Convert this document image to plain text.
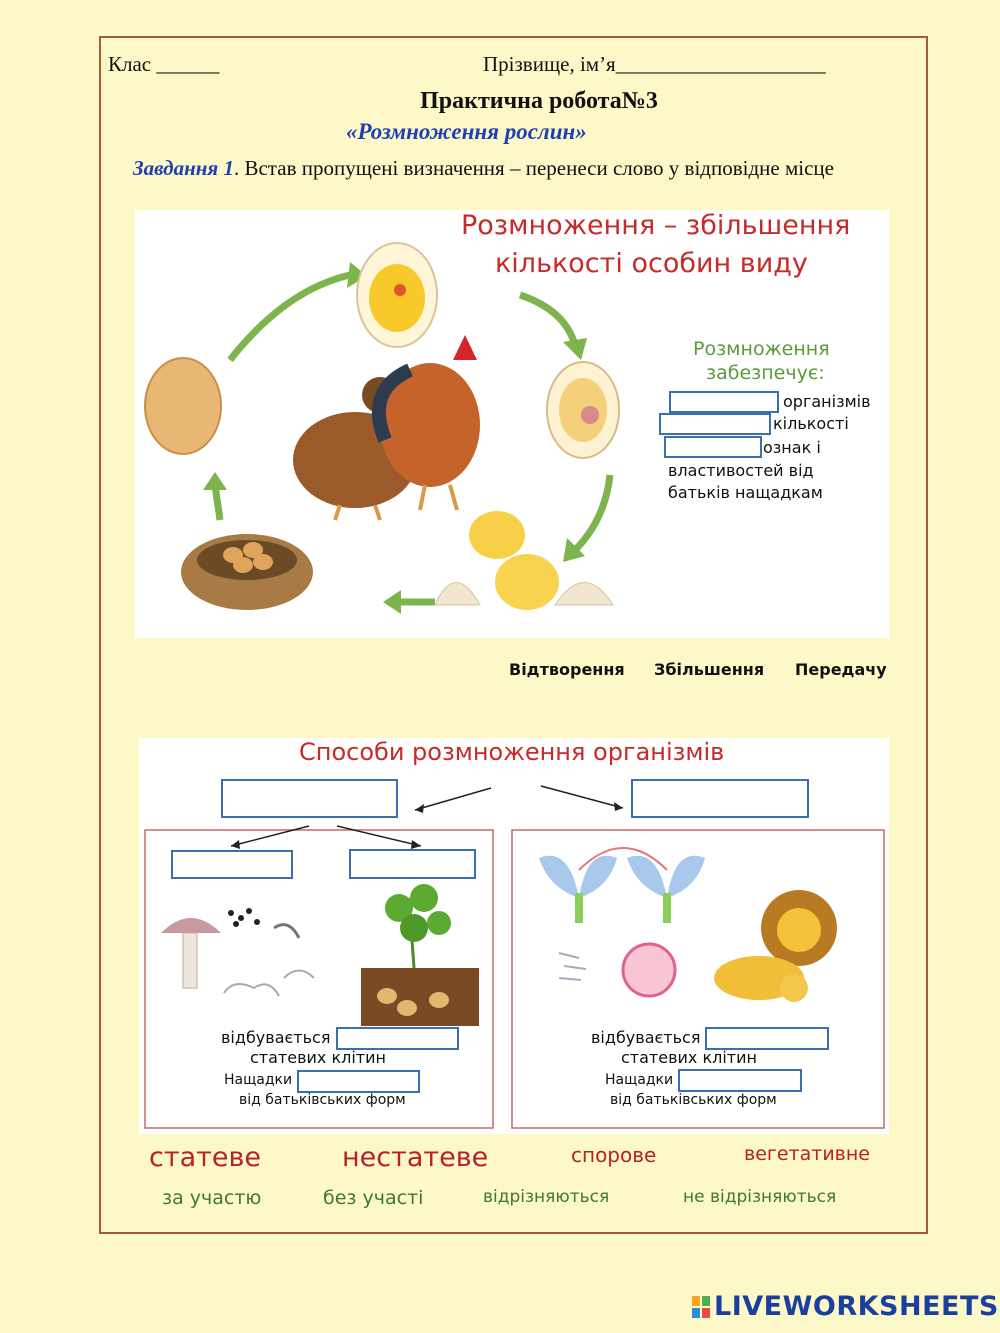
Клас ______	Прізвище, ім’я____________________
Практична робота№3
«Розмноження рослин»
Завдання 1. Встав пропущені визначення – перенеси слово у відповідне місце
Розмноження – збільшення
кількості особин виду
Розмноження
забезпечує:
організмів
кількості
ознак і
властивостей від
батьків нащадкам
Відтворення Збільшення Передачу
Способи розмноження організмів
відбувається
статевих клітин
Нащадки
від батьківських форм
відбувається
статевих клітин
Нащадки
від батьківських форм
статеве	нестатеве	спорове	вегетативне
за участю	без участі	відрізняються	не відрізняються
LIVEWORKSHEETS
